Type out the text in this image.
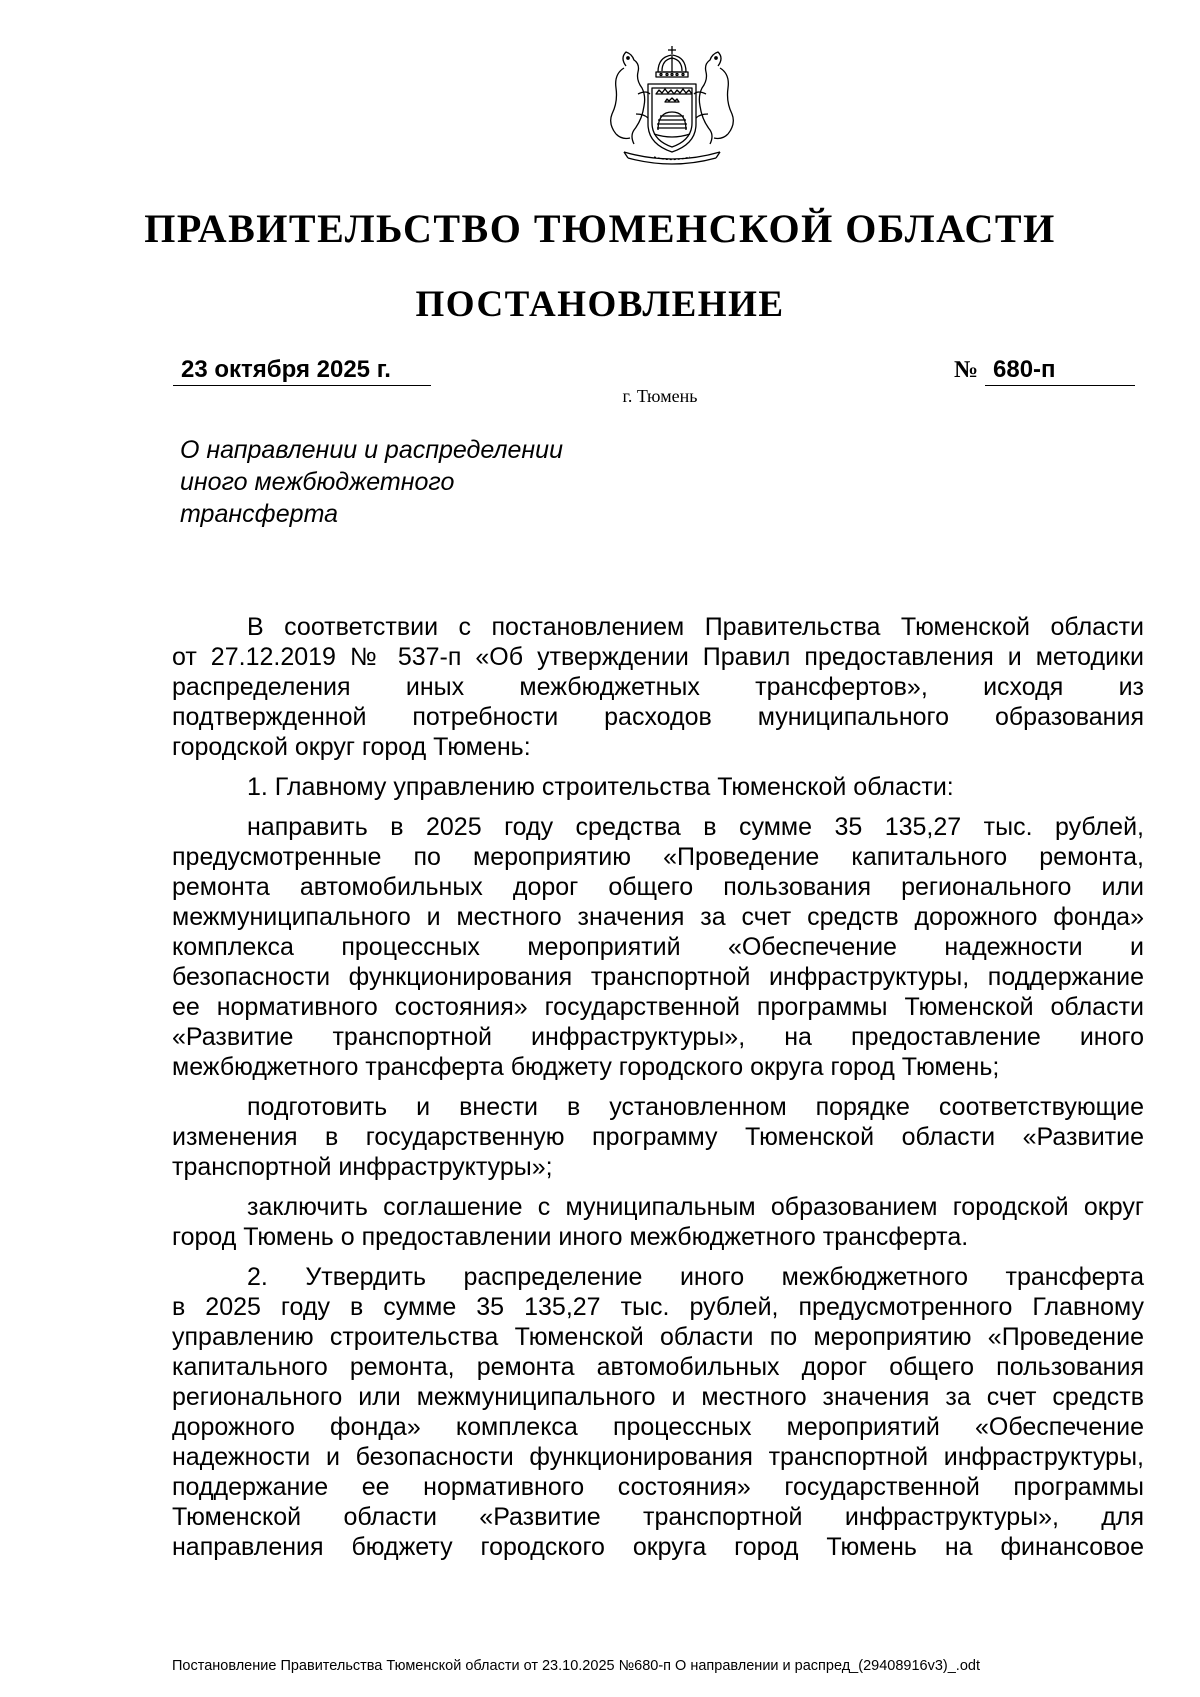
ПРАВИТЕЛЬСТВО ТЮМЕНСКОЙ ОБЛАСТИ
ПОСТАНОВЛЕНИЕ
23 октября 2025 г.	№ 680-п
г. Тюмень
О направлении и распределении
иного межбюджетного
трансферта

В соответствии с постановлением Правительства Тюменской области
от 27.12.2019 № 537-п «Об утверждении Правил предоставления и методики
распределения иных межбюджетных трансфертов», исходя из
подтвержденной потребности расходов муниципального образования
городской округ город Тюмень:

1. Главному управлению строительства Тюменской области:

направить в 2025 году средства в сумме 35 135,27 тыс. рублей,
предусмотренные по мероприятию «Проведение капитального ремонта,
ремонта автомобильных дорог общего пользования регионального или
межмуниципального и местного значения за счет средств дорожного фонда»
комплекса процессных мероприятий «Обеспечение надежности и
безопасности функционирования транспортной инфраструктуры, поддержание
ее нормативного состояния» государственной программы Тюменской области
«Развитие транспортной инфраструктуры», на предоставление иного
межбюджетного трансферта бюджету городского округа город Тюмень;

подготовить и внести в установленном порядке соответствующие
изменения в государственную программу Тюменской области «Развитие
транспортной инфраструктуры»;

заключить соглашение с муниципальным образованием городской округ
город Тюмень о предоставлении иного межбюджетного трансферта.

2. Утвердить распределение иного межбюджетного трансферта
в 2025 году в сумме 35 135,27 тыс. рублей, предусмотренного Главному
управлению строительства Тюменской области по мероприятию «Проведение
капитального ремонта, ремонта автомобильных дорог общего пользования
регионального или межмуниципального и местного значения за счет средств
дорожного фонда» комплекса процессных мероприятий «Обеспечение
надежности и безопасности функционирования транспортной инфраструктуры,
поддержание ее нормативного состояния» государственной программы
Тюменской области «Развитие транспортной инфраструктуры», для
направления бюджету городского округа город Тюмень на финансовое

Постановление Правительства Тюменской области от 23.10.2025 №680-п О направлении и распред_(29408916v3)_.odt
